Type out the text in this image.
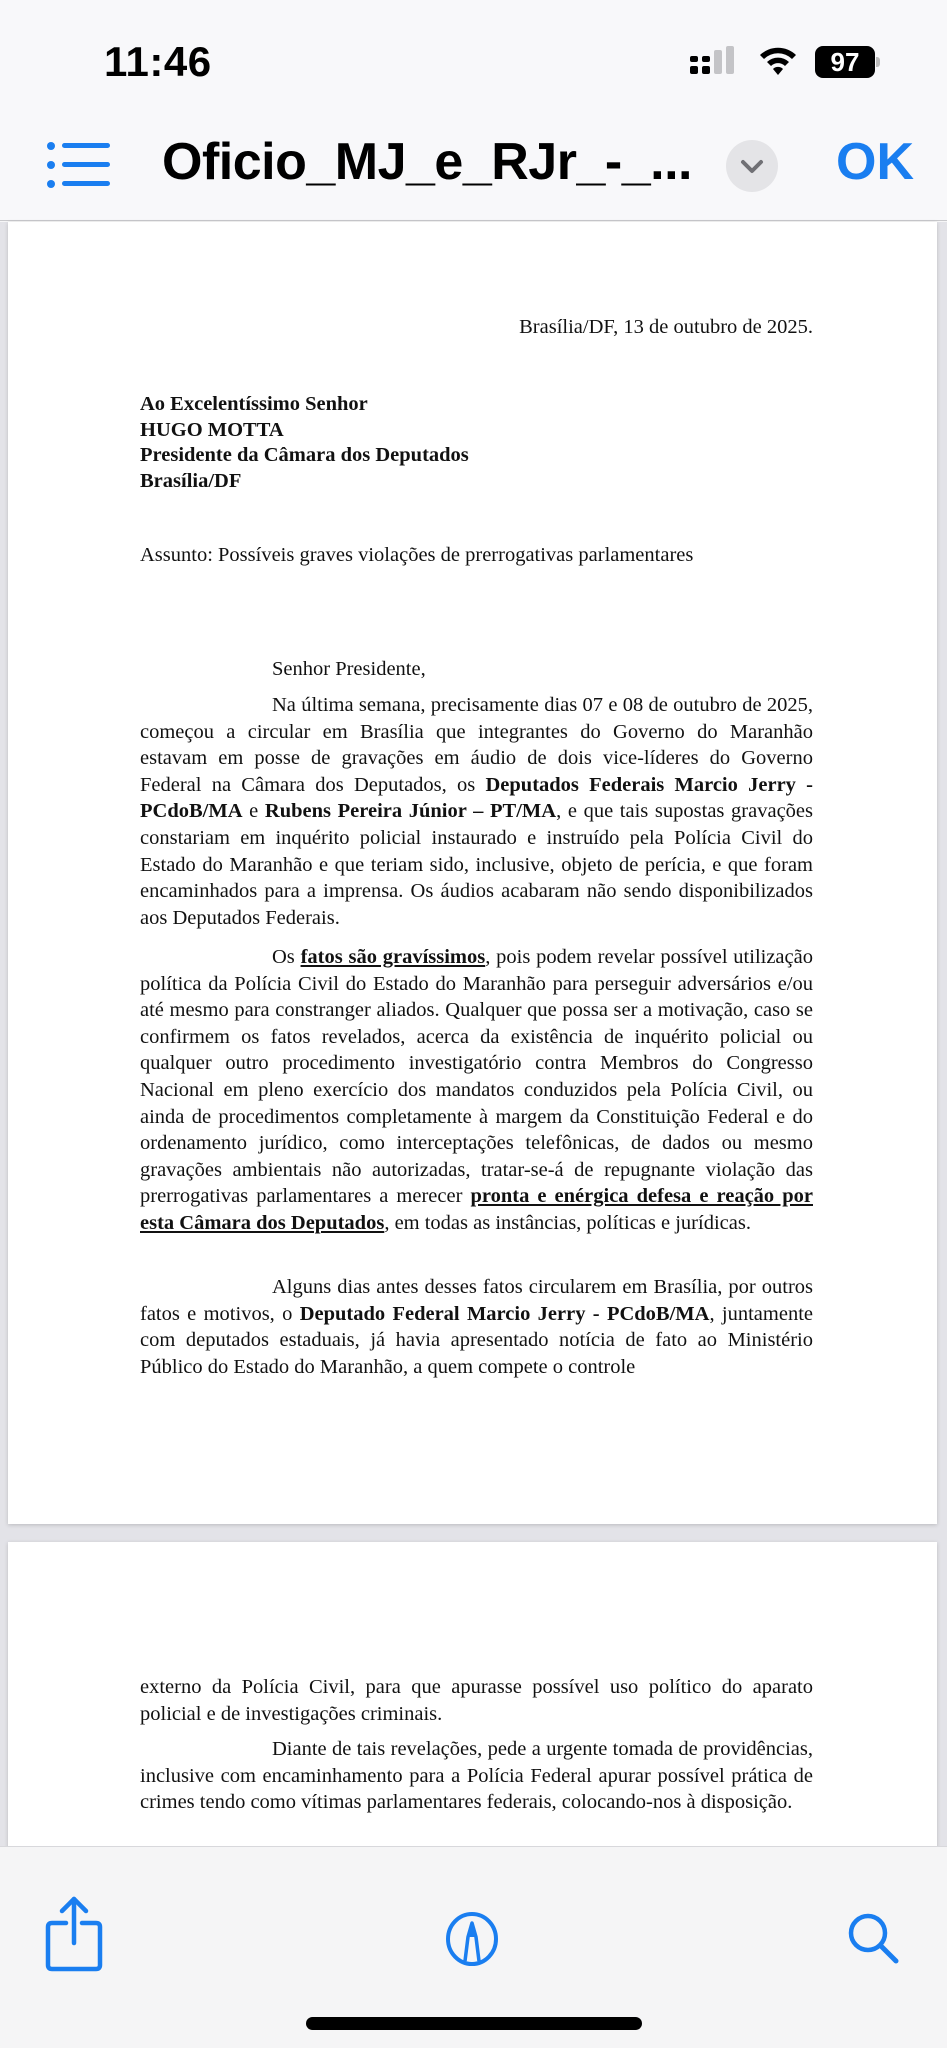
11:46	97
Oficio_MJ_e_RJr_-_...	OK
Brasília/DF, 13 de outubro de 2025.
Ao Excelentíssimo Senhor
HUGO MOTTA
Presidente da Câmara dos Deputados
Brasília/DF
Assunto: Possíveis graves violações de prerrogativas parlamentares
Senhor Presidente,

Na última semana, precisamente dias 07 e 08 de outubro de 2025, começou a circular em Brasília que integrantes do Governo do Maranhão estavam em posse de gravações em áudio de dois vice-líderes do Governo Federal na Câmara dos Deputados, os Deputados Federais Marcio Jerry - PCdoB/MA e Rubens Pereira Júnior – PT/MA, e que tais supostas gravações constariam em inquérito policial instaurado e instruído pela Polícia Civil do Estado do Maranhão e que teriam sido, inclusive, objeto de perícia, e que foram encaminhados para a imprensa. Os áudios acabaram não sendo disponibilizados aos Deputados Federais.

Os fatos são gravíssimos, pois podem revelar possível utilização política da Polícia Civil do Estado do Maranhão para perseguir adversários e/ou até mesmo para constranger aliados. Qualquer que possa ser a motivação, caso se confirmem os fatos revelados, acerca da existência de inquérito policial ou qualquer outro procedimento investigatório contra Membros do Congresso Nacional em pleno exercício dos mandatos conduzidos pela Polícia Civil, ou ainda de procedimentos completamente à margem da Constituição Federal e do ordenamento jurídico, como interceptações telefônicas, de dados ou mesmo gravações ambientais não autorizadas, tratar-se-á de repugnante violação das prerrogativas parlamentares a merecer pronta e enérgica defesa e reação por esta Câmara dos Deputados, em todas as instâncias, políticas e jurídicas.

Alguns dias antes desses fatos circularem em Brasília, por outros fatos e motivos, o Deputado Federal Marcio Jerry - PCdoB/MA, juntamente com deputados estaduais, já havia apresentado notícia de fato ao Ministério Público do Estado do Maranhão, a quem compete o controle

externo da Polícia Civil, para que apurasse possível uso político do aparato policial e de investigações criminais.

Diante de tais revelações, pede a urgente tomada de providências, inclusive com encaminhamento para a Polícia Federal apurar possível prática de crimes tendo como vítimas parlamentares federais, colocando-nos à disposição.
